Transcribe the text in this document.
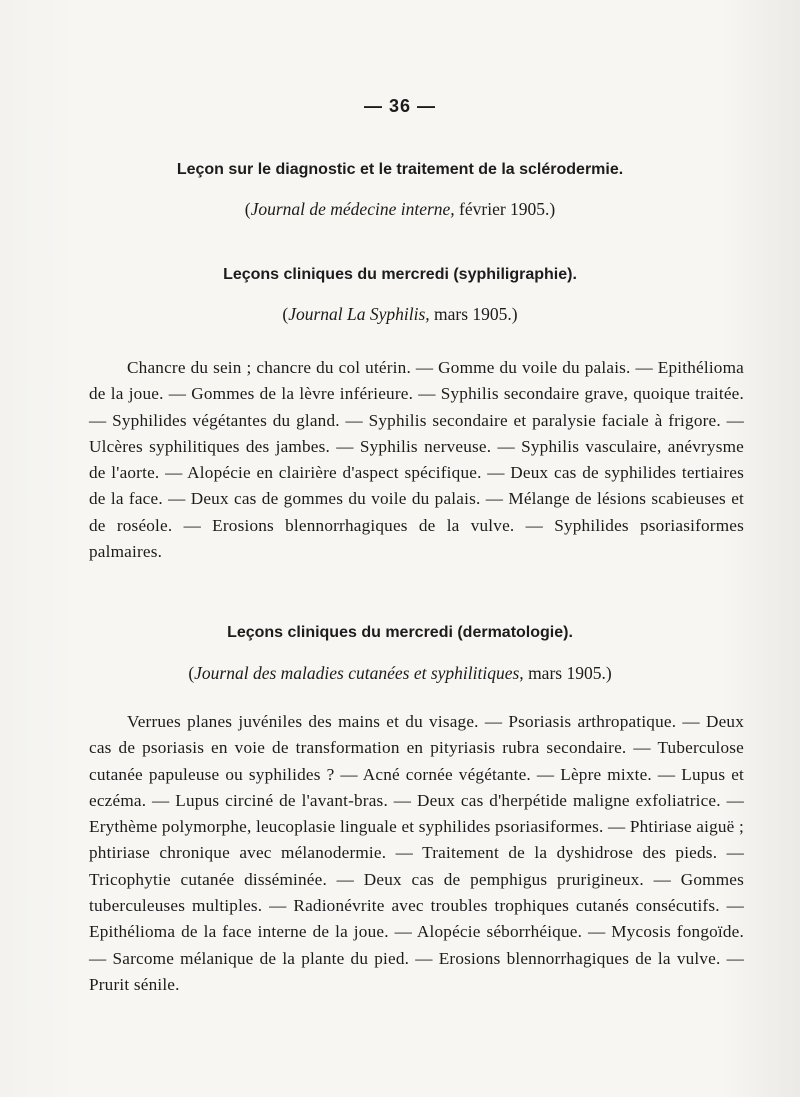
— 36 —
Leçon sur le diagnostic et le traitement de la sclérodermie.
(Journal de médecine interne, février 1905.)
Leçons cliniques du mercredi (syphiligraphie).
(Journal La Syphilis, mars 1905.)

Chancre du sein ; chancre du col utérin. — Gomme du voile du palais. — Epithélioma de la joue. — Gommes de la lèvre inférieure. — Syphilis secondaire grave, quoique traitée. — Syphilides végétantes du gland. — Syphilis secondaire et paralysie faciale à frigore. — Ulcères syphilitiques des jambes. — Syphilis nerveuse. — Syphilis vasculaire, anévrysme de l'aorte. — Alopécie en clairière d'aspect spécifique. — Deux cas de syphilides tertiaires de la face. — Deux cas de gommes du voile du palais. — Mélange de lésions scabieuses et de roséole. — Erosions blennorrhagiques de la vulve. — Syphilides psoriasiformes palmaires.

Leçons cliniques du mercredi (dermatologie).
(Journal des maladies cutanées et syphilitiques, mars 1905.)

Verrues planes juvéniles des mains et du visage. — Psoriasis arthropatique. — Deux cas de psoriasis en voie de transformation en pityriasis rubra secondaire. — Tuberculose cutanée papuleuse ou syphilides ? — Acné cornée végétante. — Lèpre mixte. — Lupus et eczéma. — Lupus circiné de l'avant-bras. — Deux cas d'herpétide maligne exfoliatrice. — Erythème polymorphe, leucoplasie linguale et syphilides psoriasiformes. — Phtiriase aiguë ; phtiriase chronique avec mélanodermie. — Traitement de la dyshidrose des pieds. — Tricophytie cutanée disséminée. — Deux cas de pemphigus prurigineux. — Gommes tuberculeuses multiples. — Radionévrite avec troubles trophiques cutanés consécutifs. — Epithélioma de la face interne de la joue. — Alopécie séborrhéique. — Mycosis fongoïde. — Sarcome mélanique de la plante du pied. — Erosions blennorrhagiques de la vulve. — Prurit sénile.
